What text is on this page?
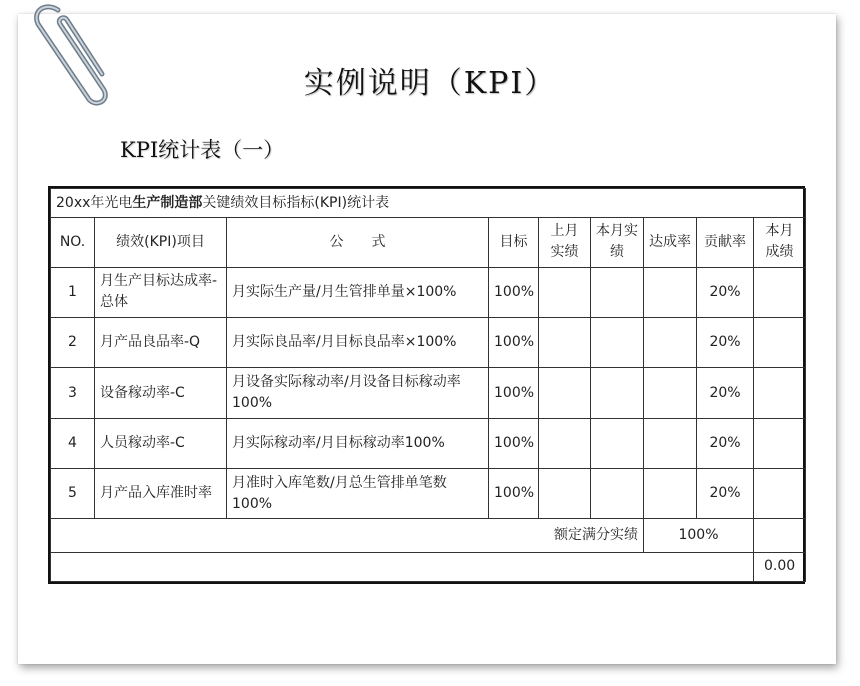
实例说明（KPI）
KPI统计表（一）
20xx年光电生产制造部关键绩效目标指标(KPI)统计表								
NO.	绩效(KPI)项目	公　　式	目标	上月实绩	本月实绩	达成率	贡献率	本月成绩
1	月生产目标达成率-总体	月实际生产量/月生管排单量×100%	100%				20%	
2	月产品良品率-Q	月实际良品率/月目标良品率×100%	100%				20%	
3	设备稼动率-C	月设备实际稼动率/月设备目标稼动率100%	100%				20%	
4	人员稼动率-C	月实际稼动率/月目标稼动率100%	100%				20%	
5	月产品入库准时率	月准时入库笔数/月总生管排单笔数100%	100%				20%	
额定满分实绩						100%		
								0.00
